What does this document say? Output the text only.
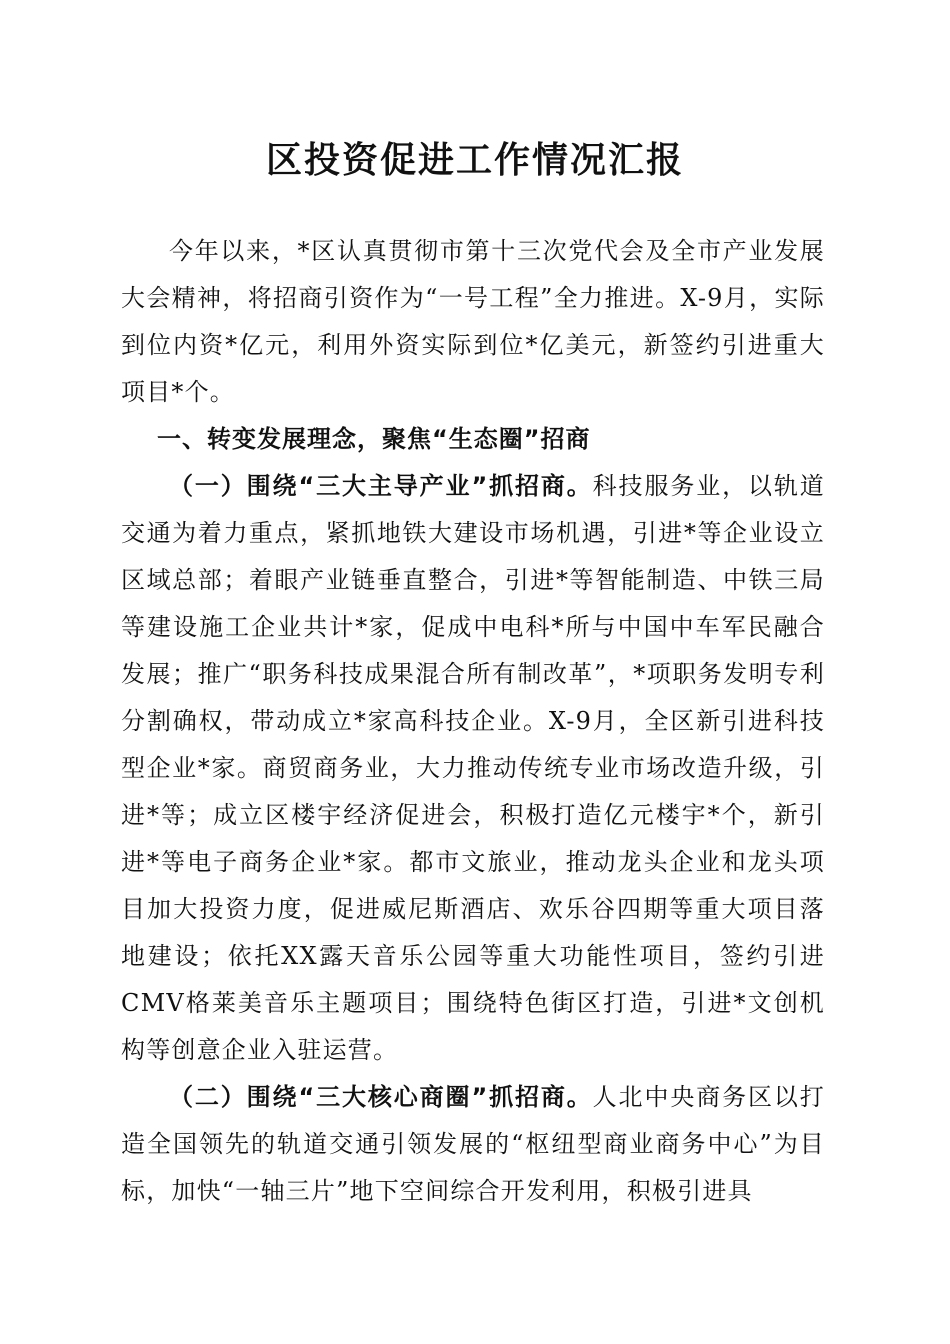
区投资促进工作情况汇报

今年以来，*区认真贯彻市第十三次党代会及全市产业发展大会精神，将招商引资作为“一号工程”全力推进。X-9月，实际到位内资*亿元，利用外资实际到位*亿美元，新签约引进重大项目*个。

一、转变发展理念，聚焦“生态圈”招商

（一）围绕“三大主导产业”抓招商。科技服务业，以轨道交通为着力重点，紧抓地铁大建设市场机遇，引进*等企业设立区域总部；着眼产业链垂直整合，引进*等智能制造、中铁三局等建设施工企业共计*家，促成中电科*所与中国中车军民融合发展；推广“职务科技成果混合所有制改革”，*项职务发明专利分割确权，带动成立*家高科技企业。X-9月，全区新引进科技型企业*家。商贸商务业，大力推动传统专业市场改造升级，引进*等；成立区楼宇经济促进会，积极打造亿元楼宇*个，新引进*等电子商务企业*家。都市文旅业，推动龙头企业和龙头项目加大投资力度，促进威尼斯酒店、欢乐谷四期等重大项目落地建设；依托XX露天音乐公园等重大功能性项目，签约引进CMV格莱美音乐主题项目；围绕特色街区打造，引进*文创机构等创意企业入驻运营。

（二）围绕“三大核心商圈”抓招商。人北中央商务区以打造全国领先的轨道交通引领发展的“枢纽型商业商务中心”为目标，加快“一轴三片”地下空间综合开发利用，积极引进具
